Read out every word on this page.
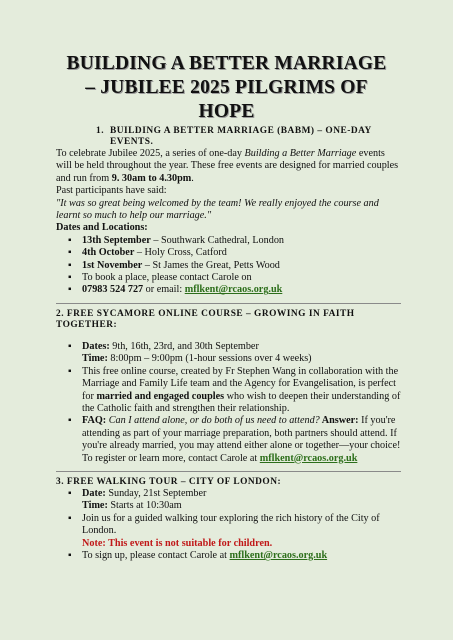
BUILDING A BETTER MARRIAGE
– JUBILEE 2025 PILGRIMS OF
HOPE
1. BUILDING A BETTER MARRIAGE (BABM) – ONE-DAY EVENTS.

To celebrate Jubilee 2025, a series of one-day Building a Better Marriage events will be held throughout the year. These free events are designed for married couples and run from 9. 30am to 4.30pm.

Past participants have said:

"It was so great being welcomed by the team! We really enjoyed the course and learnt so much to help our marriage."

Dates and Locations:

▪ 13th September – Southwark Cathedral, London
▪ 4th October – Holy Cross, Catford
▪ 1st November – St James the Great, Petts Wood
▪ To book a place, please contact Carole on
▪ 07983 524 727 or email: mflkent@rcaos.org.uk
2. FREE SYCAMORE ONLINE COURSE – GROWING IN FAITH TOGETHER:
▪ Dates: 9th, 16th, 23rd, and 30th September
Time: 8:00pm – 9:00pm (1-hour sessions over 4 weeks)
▪ This free online course, created by Fr Stephen Wang in collaboration with the Marriage and Family Life team and the Agency for Evangelisation, is perfect for married and engaged couples who wish to deepen their understanding of the Catholic faith and strengthen their relationship.
▪ FAQ: Can I attend alone, or do both of us need to attend? Answer: If you're attending as part of your marriage preparation, both partners should attend. If you're already married, you may attend either alone or together—your choice! To register or learn more, contact Carole at mflkent@rcaos.org.uk
3. FREE WALKING TOUR – CITY OF LONDON:
▪ Date: Sunday, 21st September
Time: Starts at 10:30am
▪ Join us for a guided walking tour exploring the rich history of the City of London.
Note: This event is not suitable for children.
▪ To sign up, please contact Carole at mflkent@rcaos.org.uk
